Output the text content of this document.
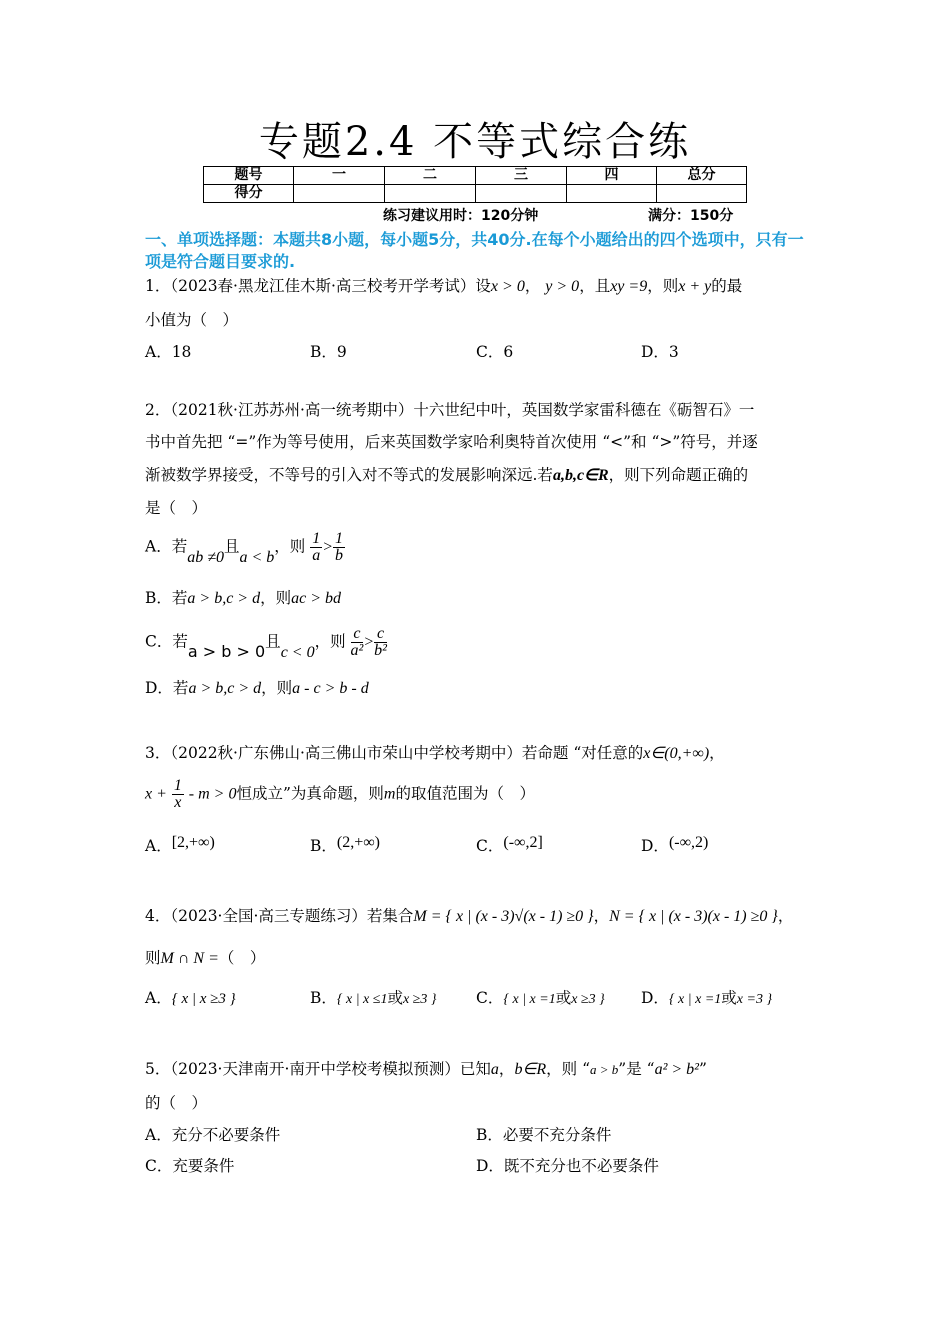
专题2.4 不等式综合练
题号	一	二	三	四	总分
得分					
练习建议用时：120分钟	满分：150分
一、单项选择题：本题共8小题，每小题5分，共40分.在每个小题给出的四个选项中，只有一项是符合题目要求的.
1．（2023春·黑龙江佳木斯·高三校考开学考试）设x > 0， y > 0，且xy =9，则x + y的最
小值为（　）
A．18	B．9	C．6	D．3
2．（2021秋·江苏苏州·高一统考期中）十六世纪中叶，英国数学家雷科德在《砺智石》一
书中首先把 “=”作为等号使用，后来英国数学家哈利奥特首次使用 “<”和 “>”符号，并逐
渐被数学界接受，不等号的引入对不等式的发展影响深远.若a,b,c∈R，则下列命题正确的
是（　）
A．若ab ≠0且a < b，则 $\frac{1}{a} > \frac{1}{b}$
B．若a > b,c > d，则ac > bd
C．若a > b > 0且c < 0，则 $\frac{c}{\text{a²}} > \frac{c}{\text{b²}}$
D．若a > b,c > d，则a - c > b - d
3．（2022秋·广东佛山·高三佛山市荣山中学校考期中）若命题 “对任意的x∈(0,+∞)，
$x + \frac{1}{x} - m > 0$恒成立”为真命题，则m的取值范围为（　）
A．[2,+∞)	B．(2,+∞)	C．(-∞,2]	D．(-∞,2)
4．（2023·全国·高三专题练习）若集合M = { x | (x - 3)√(x - 1) ≥0 }，N = { x | (x - 3)(x - 1) ≥0 }，
则M ∩ N =（　）
A．{ x | x ≥3 }	B．{ x | x ≤1或x ≥3 }	C．{ x | x =1或x ≥3 } D．{ x | x =1或x =3 }
5．（2023·天津南开·南开中学校考模拟预测）已知a，b∈R，则 “a > b”是 “a² > b²”
的（　）
A．充分不必要条件	B．必要不充分条件
C．充要条件	D．既不充分也不必要条件
